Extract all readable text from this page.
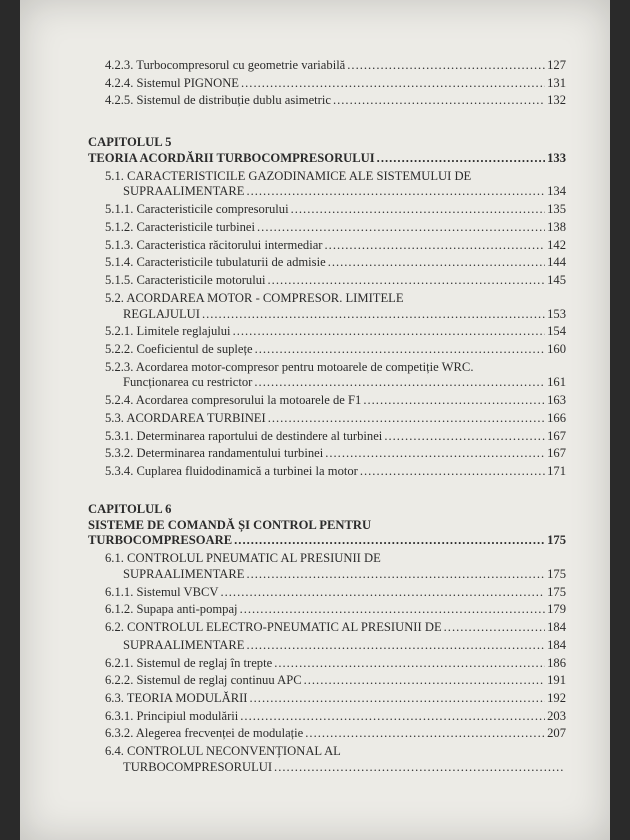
4.2.3. Turbocompresorul cu geometrie variabilă .....	127
4.2.4. Sistemul PIGNONE .....	131
4.2.5. Sistemul de distribuție dublu asimetric .....	132
CAPITOLUL 5
TEORIA ACORDĂRII TURBOCOMPRESORULUI .....	133
5.1. CARACTERISTICILE GAZODINAMICE ALE SISTEMULUI DE
SUPRAALIMENTARE .....	134
5.1.1. Caracteristicile compresorului .....	135
5.1.2. Caracteristicile turbinei .....	138
5.1.3. Caracteristica răcitorului intermediar .....	142
5.1.4. Caracteristicile tubulaturii de admisie .....	144
5.1.5. Caracteristicile motorului .....	145
5.2. ACORDAREA MOTOR - COMPRESOR. LIMITELE
REGLAJULUI .....	153
5.2.1. Limitele reglajului .....	154
5.2.2. Coeficientul de suplețe .....	160
5.2.3. Acordarea motor-compresor pentru motoarele de competiție WRC.
Funcționarea cu restrictor .....	161
5.2.4. Acordarea compresorului la motoarele de F1 .....	163
5.3. ACORDAREA TURBINEI .....	166
5.3.1. Determinarea raportului de destindere al turbinei .....	167
5.3.2. Determinarea randamentului turbinei .....	167
5.3.4. Cuplarea fluidodinamică a turbinei la motor .....	171
CAPITOLUL 6
SISTEME DE COMANDĂ ȘI CONTROL PENTRU
TURBOCOMPRESOARE .....	175
6.1. CONTROLUL PNEUMATIC AL PRESIUNII DE
SUPRAALIMENTARE .....	175
6.1.1. Sistemul VBCV .....	175
6.1.2. Supapa anti-pompaj .....	179
6.2. CONTROLUL ELECTRO-PNEUMATIC AL PRESIUNII DE .....	184
SUPRAALIMENTARE .....	184
6.2.1. Sistemul de reglaj în trepte .....	186
6.2.2. Sistemul de reglaj continuu APC .....	191
6.3. TEORIA MODULĂRII .....	192
6.3.1. Principiul modulării .....	203
6.3.2. Alegerea frecvenței de modulație .....	207
6.4. CONTROLUL NECONVENȚIONAL AL
TURBOCOMPRESORULUI
.....
